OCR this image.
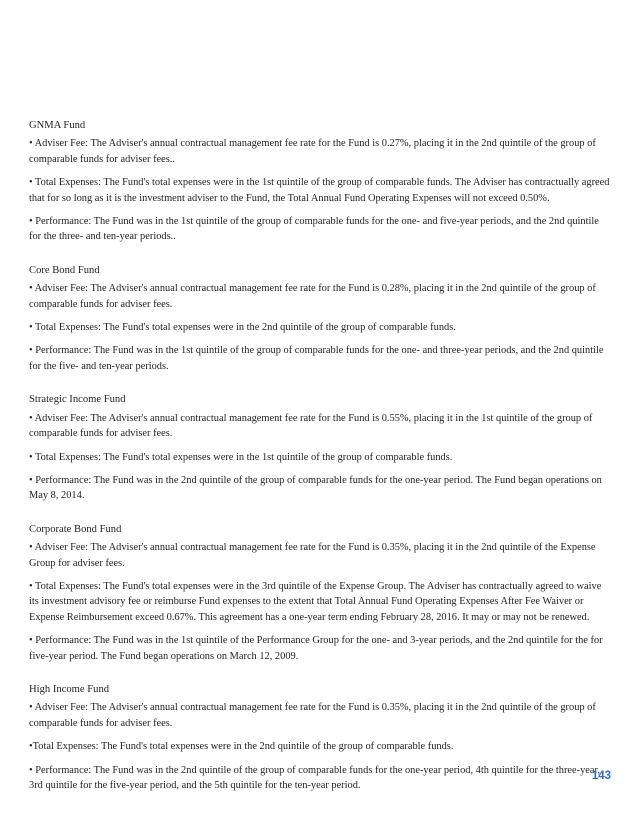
GNMA Fund

• Adviser Fee: The Adviser's annual contractual management fee rate for the Fund is 0.27%, placing it in the 2nd quintile of the group of comparable funds for adviser fees..

• Total Expenses: The Fund's total expenses were in the 1st quintile of the group of comparable funds. The Adviser has contractually agreed that for so long as it is the investment adviser to the Fund, the Total Annual Fund Operating Expenses will not exceed 0.50%.

• Performance: The Fund was in the 1st quintile of the group of comparable funds for the one- and five-year periods, and the 2nd quintile for the three- and ten-year periods..

Core Bond Fund

• Adviser Fee: The Adviser's annual contractual management fee rate for the Fund is 0.28%, placing it in the 2nd quintile of the group of comparable funds for adviser fees.

• Total Expenses: The Fund's total expenses were in the 2nd quintile of the group of comparable funds.

• Performance: The Fund was in the 1st quintile of the group of comparable funds for the one- and three-year periods, and the 2nd quintile for the five- and ten-year periods.

Strategic Income Fund

• Adviser Fee: The Adviser's annual contractual management fee rate for the Fund is 0.55%, placing it in the 1st quintile of the group of comparable funds for adviser fees.

• Total Expenses: The Fund's total expenses were in the 1st quintile of the group of comparable funds.

• Performance: The Fund was in the 2nd quintile of the group of comparable funds for the one-year period. The Fund began operations on May 8, 2014.

Corporate Bond Fund

• Adviser Fee: The Adviser's annual contractual management fee rate for the Fund is 0.35%, placing it in the 2nd quintile of the Expense Group for adviser fees.

• Total Expenses: The Fund's total expenses were in the 3rd quintile of the Expense Group. The Adviser has contractually agreed to waive its investment advisory fee or reimburse Fund expenses to the extent that Total Annual Fund Operating Expenses After Fee Waiver or Expense Reimbursement exceed 0.67%. This agreement has a one-year term ending February 28, 2016. It may or may not be renewed.

• Performance: The Fund was in the 1st quintile of the Performance Group for the one- and 3-year periods, and the 2nd quintile for the for five-year period. The Fund began operations on March 12, 2009.

High Income Fund

• Adviser Fee: The Adviser's annual contractual management fee rate for the Fund is 0.35%, placing it in the 2nd quintile of the group of comparable funds for adviser fees.

•Total Expenses: The Fund's total expenses were in the 2nd quintile of the group of comparable funds.

• Performance: The Fund was in the 2nd quintile of the group of comparable funds for the one-year period, 4th quintile for the three-year, 3rd quintile for the five-year period, and the 5th quintile for the ten-year period.

143
